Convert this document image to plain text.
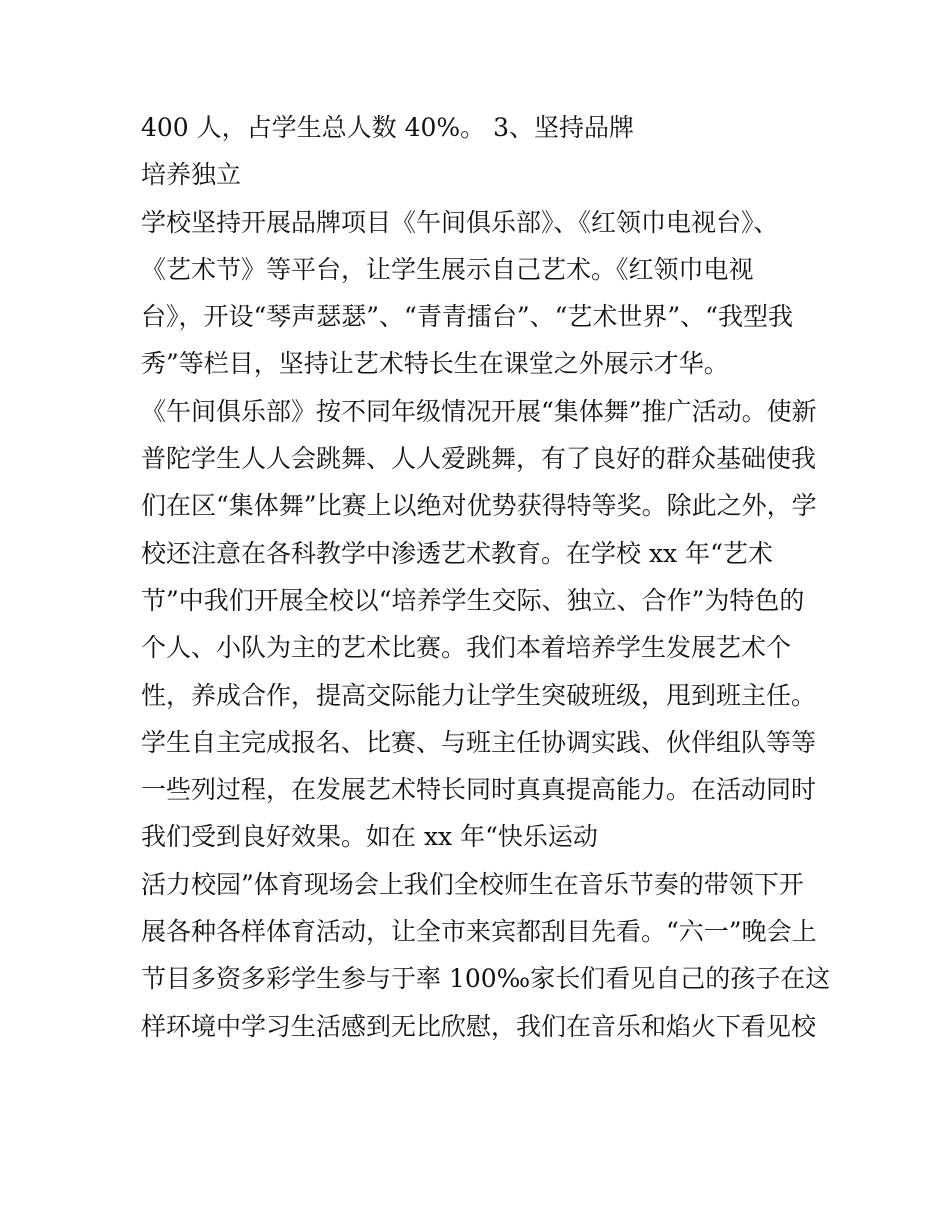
400 人，占学生总人数 40%。 3、坚持品牌
培养独立
学校坚持开展品牌项目《午间俱乐部》、《红领巾电视台》、
《艺术节》等平台，让学生展示自己艺术。《红领巾电视
台》，开设“琴声瑟瑟”、“青青擂台”、“艺术世界”、“我型我
秀”等栏目，坚持让艺术特长生在课堂之外展示才华。
《午间俱乐部》按不同年级情况开展“集体舞”推广活动。使新
普陀学生人人会跳舞、人人爱跳舞，有了良好的群众基础使我
们在区“集体舞”比赛上以绝对优势获得特等奖。除此之外，学
校还注意在各科教学中渗透艺术教育。在学校 xx 年“艺术
节”中我们开展全校以“培养学生交际、独立、合作”为特色的
个人、小队为主的艺术比赛。我们本着培养学生发展艺术个
性，养成合作，提高交际能力让学生突破班级，甩到班主任。
学生自主完成报名、比赛、与班主任协调实践、伙伴组队等等
一些列过程，在发展艺术特长同时真真提高能力。在活动同时
我们受到良好效果。如在 xx 年“快乐运动
活力校园”体育现场会上我们全校师生在音乐节奏的带领下开
展各种各样体育活动，让全市来宾都刮目先看。“六一”晚会上
节目多资多彩学生参与于率 100‰家长们看见自己的孩子在这
样环境中学习生活感到无比欣慰，我们在音乐和焰火下看见校
